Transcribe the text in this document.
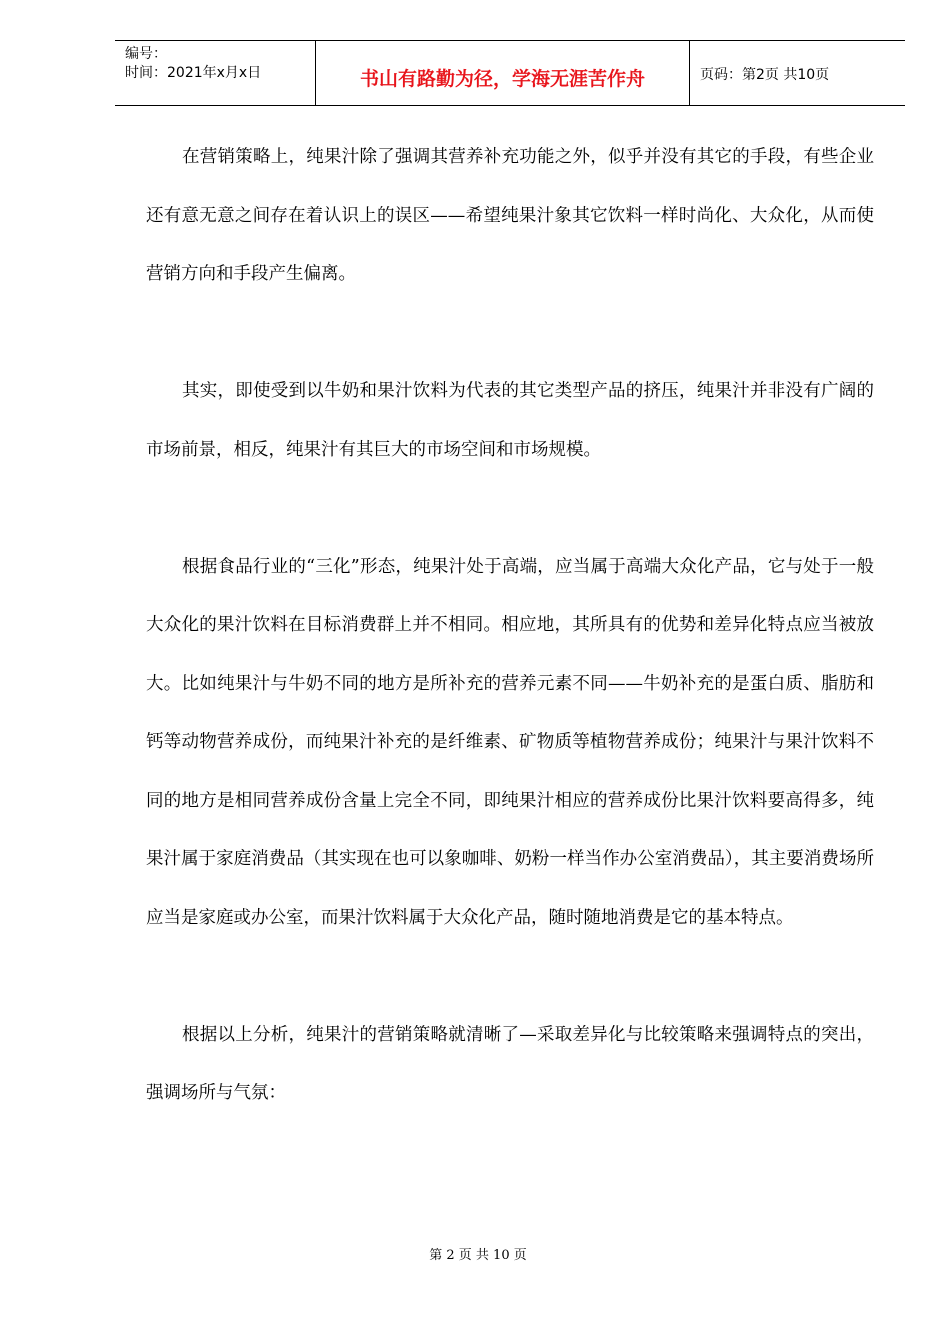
编号：
时间：2021年x月x日	书山有路勤为径，学海无涯苦作舟	页码：第2页 共10页

在营销策略上，纯果汁除了强调其营养补充功能之外，似乎并没有其它的手段，有些企业还有意无意之间存在着认识上的误区——希望纯果汁象其它饮料一样时尚化、大众化，从而使营销方向和手段产生偏离。

其实，即使受到以牛奶和果汁饮料为代表的其它类型产品的挤压，纯果汁并非没有广阔的市场前景，相反，纯果汁有其巨大的市场空间和市场规模。

根据食品行业的“三化”形态，纯果汁处于高端，应当属于高端大众化产品，它与处于一般大众化的果汁饮料在目标消费群上并不相同。相应地，其所具有的优势和差异化特点应当被放大。比如纯果汁与牛奶不同的地方是所补充的营养元素不同——牛奶补充的是蛋白质、脂肪和钙等动物营养成份，而纯果汁补充的是纤维素、矿物质等植物营养成份；纯果汁与果汁饮料不同的地方是相同营养成份含量上完全不同，即纯果汁相应的营养成份比果汁饮料要高得多，纯果汁属于家庭消费品（其实现在也可以象咖啡、奶粉一样当作办公室消费品），其主要消费场所应当是家庭或办公室，而果汁饮料属于大众化产品，随时随地消费是它的基本特点。

根据以上分析，纯果汁的营销策略就清晰了—采取差异化与比较策略来强调特点的突出，强调场所与气氛：

第 2 页 共 10 页
